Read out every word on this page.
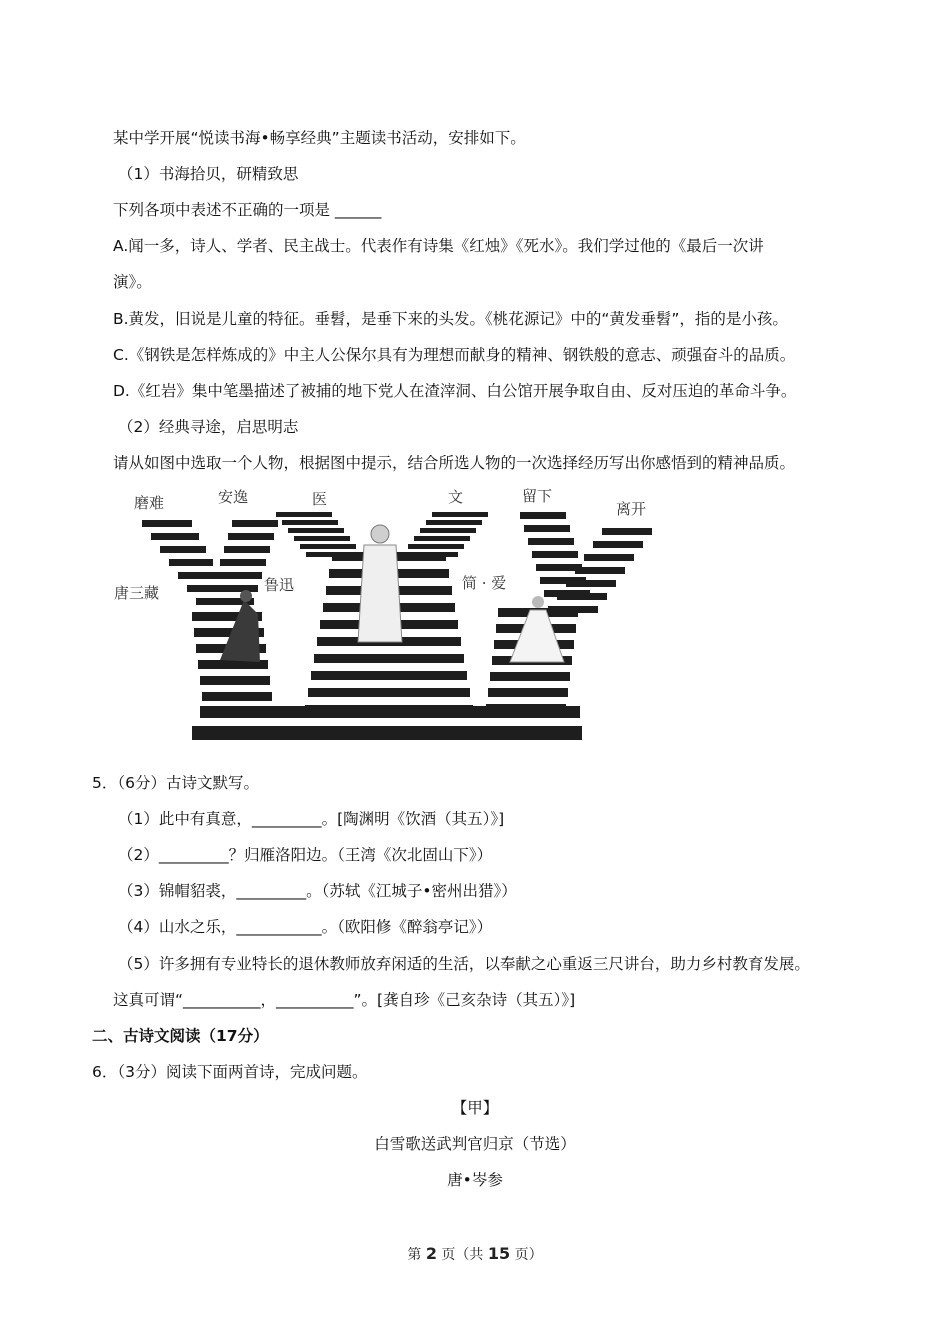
某中学开展“悦读书海•畅享经典”主题读书活动，安排如下。
（1）书海拾贝，研精致思
下列各项中表述不正确的一项是 ______
A.闻一多，诗人、学者、民主战士。代表作有诗集《红烛》《死水》。我们学过他的《最后一次讲
演》。
B.黄发，旧说是儿童的特征。垂髫，是垂下来的头发。《桃花源记》中的“黄发垂髫”，指的是小孩。
C.《钢铁是怎样炼成的》中主人公保尔具有为理想而献身的精神、钢铁般的意志、顽强奋斗的品质。
D.《红岩》集中笔墨描述了被捕的地下党人在渣滓洞、白公馆开展争取自由、反对压迫的革命斗争。
（2）经典寻途，启思明志
请从如图中选取一个人物，根据图中提示，结合所选人物的一次选择经历写出你感悟到的精神品质。
磨难	安逸	医	文	留下
离开
唐三藏	鲁迅	简 · 爱
5．（6分）古诗文默写。
（1）此中有真意，_________。[陶渊明《饮酒（其五）》]
（2）_________？归雁洛阳边。（王湾《次北固山下》）
（3）锦帽貂裘，_________。（苏轼《江城子•密州出猎》）
（4）山水之乐，___________。（欧阳修《醉翁亭记》）
（5）许多拥有专业特长的退休教师放弃闲适的生活，以奉献之心重返三尺讲台，助力乡村教育发展。
这真可谓“__________，__________”。[龚自珍《己亥杂诗（其五）》]
二、古诗文阅读（17分）
6．（3分）阅读下面两首诗，完成问题。
【甲】
白雪歌送武判官归京（节选）
唐•岑参
第 2 页（共 15 页）
